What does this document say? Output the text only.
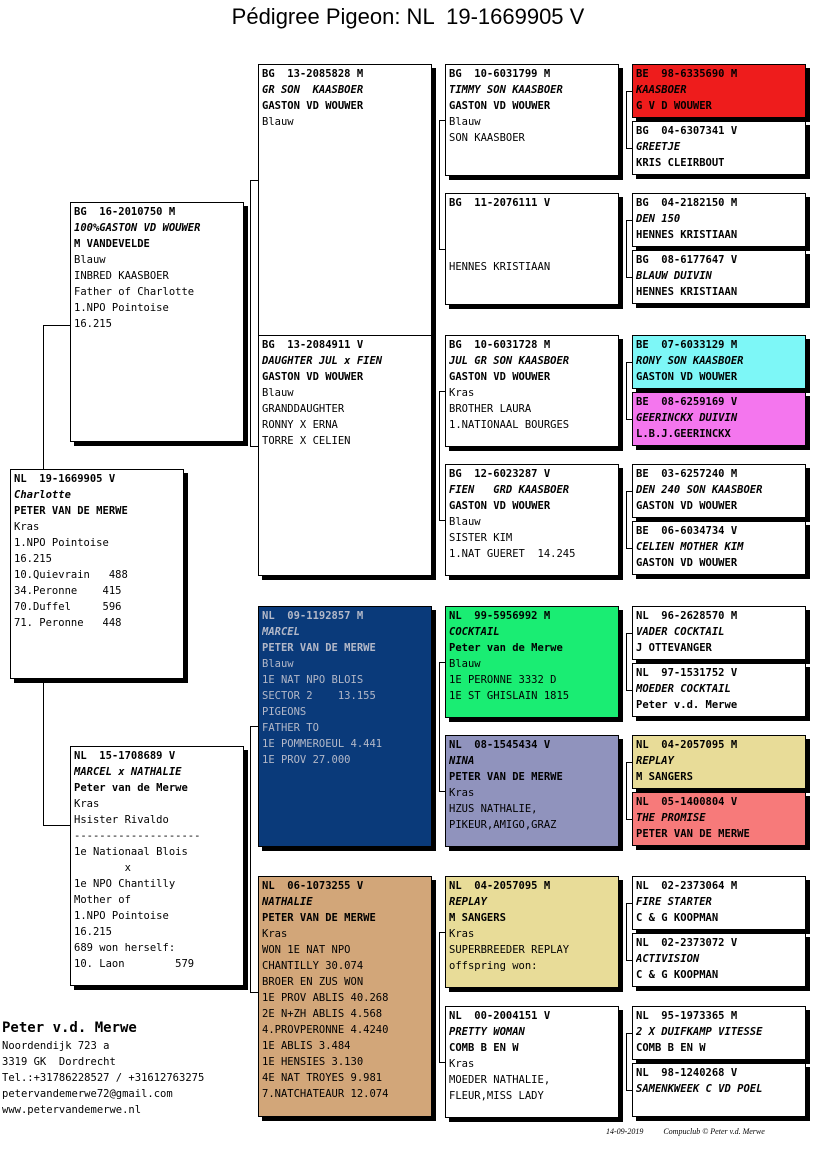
Pédigree Pigeon: NL  19-1669905 V
NL  19-1669905 V
Charlotte
PETER VAN DE MERWE
Kras
1.NPO Pointoise
16.215
10.Quievrain   488
34.Peronne    415
70.Duffel     596
71. Peronne   448
BG  16-2010750 M
100%GASTON VD WOUWER
M VANDEVELDE
Blauw
INBRED KAASBOER
Father of Charlotte
1.NPO Pointoise
16.215
NL  15-1708689 V
MARCEL x NATHALIE
Peter van de Merwe
Kras
Hsister Rivaldo
--------------------
1e Nationaal Blois
x
1e NPO Chantilly
Mother of
1.NPO Pointoise
16.215
689 won herself:
10. Laon        579
BG  13-2085828 M
GR SON  KAASBOER
GASTON VD WOUWER
Blauw
BG  13-2084911 V
DAUGHTER JUL x FIEN
GASTON VD WOUWER
Blauw
GRANDDAUGHTER
RONNY X ERNA
TORRE X CELIEN
NL  09-1192857 M
MARCEL
PETER VAN DE MERWE
Blauw
1E NAT NPO BLOIS
SECTOR 2    13.155
PIGEONS
FATHER TO
1E POMMEROEUL 4.441
1E PROV 27.000
NL  06-1073255 V
NATHALIE
PETER VAN DE MERWE
Kras
WON 1E NAT NPO
CHANTILLY 30.074
BROER EN ZUS WON
1E PROV ABLIS 40.268
2E N+ZH ABLIS 4.568
4.PROVPERONNE 4.4240
1E ABLIS 3.484
1E HENSIES 3.130
4E NAT TROYES 9.981
7.NATCHATEAUR 12.074
BG  10-6031799 M
TIMMY SON KAASBOER
GASTON VD WOUWER
Blauw
SON KAASBOER
BG  11-2076111 V
HENNES KRISTIAAN
BG  10-6031728 M
JUL GR SON KAASBOER
GASTON VD WOUWER
Kras
BROTHER LAURA
1.NATIONAAL BOURGES
BG  12-6023287 V
FIEN   GRD KAASBOER
GASTON VD WOUWER
Blauw
SISTER KIM
1.NAT GUERET  14.245
NL  99-5956992 M
COCKTAIL
Peter van de Merwe
Blauw
1E PERONNE 3332 D
1E ST GHISLAIN 1815
NL  08-1545434 V
NINA
PETER VAN DE MERWE
Kras
HZUS NATHALIE,
PIKEUR,AMIGO,GRAZ
NL  04-2057095 M
REPLAY
M SANGERS
Kras
SUPERBREEDER REPLAY
offspring won:
NL  00-2004151 V
PRETTY WOMAN
COMB B EN W
Kras
MOEDER NATHALIE,
FLEUR,MISS LADY
BE  98-6335690 M
KAASBOER
G V D WOUWER
BG  04-6307341 V
GREETJE
KRIS CLEIRBOUT
BG  04-2182150 M
DEN 150
HENNES KRISTIAAN
BG  08-6177647 V
BLAUW DUIVIN
HENNES KRISTIAAN
BE  07-6033129 M
RONY SON KAASBOER
GASTON VD WOUWER
BE  08-6259169 V
GEERINCKX DUIVIN
L.B.J.GEERINCKX
BE  03-6257240 M
DEN 240 SON KAASBOER
GASTON VD WOUWER
BE  06-6034734 V
CELIEN MOTHER KIM
GASTON VD WOUWER
NL  96-2628570 M
VADER COCKTAIL
J OTTEVANGER
NL  97-1531752 V
MOEDER COCKTAIL
Peter v.d. Merwe
NL  04-2057095 M
REPLAY
M SANGERS
NL  05-1400804 V
THE PROMISE
PETER VAN DE MERWE
NL  02-2373064 M
FIRE STARTER
C & G KOOPMAN
NL  02-2373072 V
ACTIVISION
C & G KOOPMAN
NL  95-1973365 M
2 X DUIFKAMP VITESSE
COMB B EN W
NL  98-1240268 V
SAMENKWEEK C VD POEL
Peter v.d. Merwe
Noordendijk 723 a
3319 GK  Dordrecht
Tel.:+31786228527 / +31612763275
petervandemerwe72@gmail.com
www.petervandemerwe.nl
14-09-2019	Compuclub © Peter v.d. Merwe
